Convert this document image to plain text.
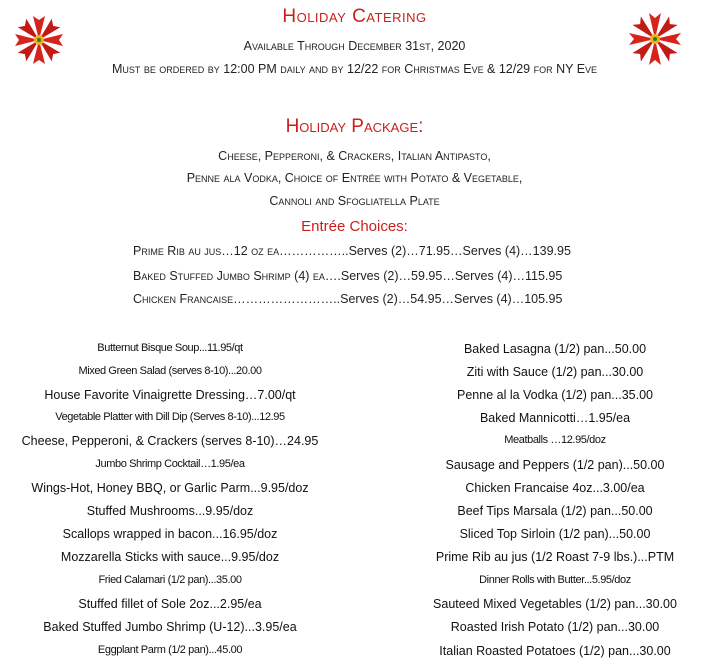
Holiday Catering
Available Through December 31st, 2020
Must be ordered by 12:00 PM daily and by 12/22 for Christmas Eve & 12/29 for NY Eve
Holiday Package:
Cheese, Pepperoni, & Crackers, Italian Antipasto,
Penne ala Vodka, Choice of Entrée with Potato & Vegetable,
Cannoli and Sfogliatella Plate
Entrée Choices:
Prime Rib au jus…12 oz ea……………..Serves (2)…71.95…Serves (4)…139.95
Baked Stuffed Jumbo Shrimp (4) ea….Serves (2)…59.95…Serves (4)…115.95
Chicken Francaise……………………..Serves (2)…54.95…Serves (4)…105.95
Butternut Bisque Soup...11.95/qt
Mixed Green Salad (serves 8-10)...20.00
House Favorite Vinaigrette Dressing…7.00/qt
Vegetable Platter with Dill Dip (Serves 8-10)...12.95
Cheese, Pepperoni, & Crackers (serves 8-10)…24.95
Jumbo Shrimp Cocktail…1.95/ea
Wings-Hot, Honey BBQ, or Garlic Parm...9.95/doz
Stuffed Mushrooms...9.95/doz
Scallops wrapped in bacon...16.95/doz
Mozzarella Sticks with sauce...9.95/doz
Fried Calamari (1/2 pan)...35.00
Stuffed fillet of Sole 2oz...2.95/ea
Baked Stuffed Jumbo Shrimp (U-12)...3.95/ea
Eggplant Parm (1/2 pan)...45.00
Baked Lasagna (1/2) pan...50.00
Ziti with Sauce (1/2) pan...30.00
Penne al la Vodka (1/2) pan...35.00
Baked Mannicotti…1.95/ea
Meatballs …12.95/doz
Sausage and Peppers (1/2 pan)...50.00
Chicken Francaise 4oz...3.00/ea
Beef Tips Marsala (1/2) pan...50.00
Sliced Top Sirloin (1/2 pan)...50.00
Prime Rib au jus (1/2 Roast 7-9 lbs.)...PTM
Dinner Rolls with Butter...5.95/doz
Sauteed Mixed Vegetables (1/2) pan...30.00
Roasted Irish Potato (1/2) pan...30.00
Italian Roasted Potatoes (1/2) pan...30.00
